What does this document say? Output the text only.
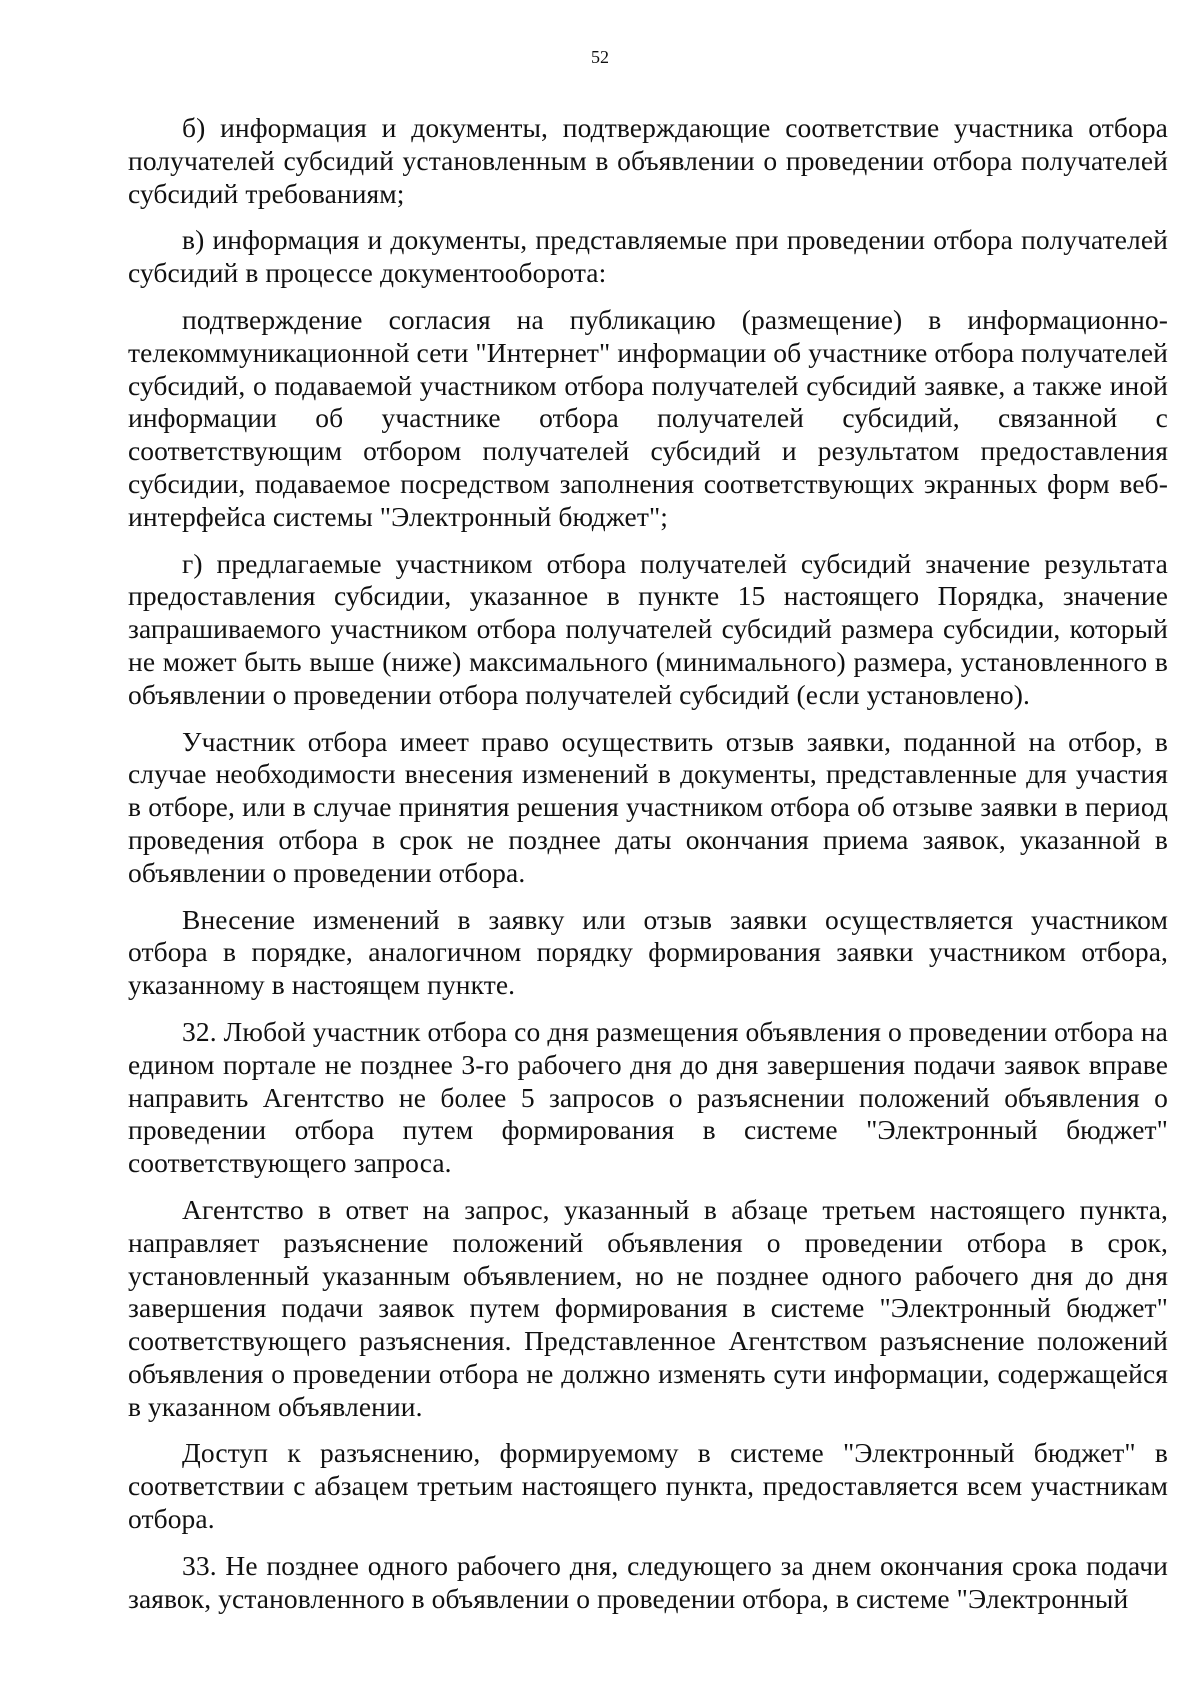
52

б) информация и документы, подтверждающие соответствие участника отбора получателей субсидий установленным в объявлении о проведении отбора получателей субсидий требованиям;

в) информация и документы, представляемые при проведении отбора получателей субсидий в процессе документооборота:

подтверждение согласия на публикацию (размещение) в информационно-телекоммуникационной сети "Интернет" информации об участнике отбора получателей субсидий, о подаваемой участником отбора получателей субсидий заявке, а также иной информации об участнике отбора получателей субсидий, связанной с соответствующим отбором получателей субсидий и результатом предоставления субсидии, подаваемое посредством заполнения соответствующих экранных форм веб-интерфейса системы "Электронный бюджет";

г) предлагаемые участником отбора получателей субсидий значение результата предоставления субсидии, указанное в пункте 15 настоящего Порядка, значение запрашиваемого участником отбора получателей субсидий размера субсидии, который не может быть выше (ниже) максимального (минимального) размера, установленного в объявлении о проведении отбора получателей субсидий (если установлено).

Участник отбора имеет право осуществить отзыв заявки, поданной на отбор, в случае необходимости внесения изменений в документы, представленные для участия в отборе, или в случае принятия решения участником отбора об отзыве заявки в период проведения отбора в срок не позднее даты окончания приема заявок, указанной в объявлении о проведении отбора.

Внесение изменений в заявку или отзыв заявки осуществляется участником отбора в порядке, аналогичном порядку формирования заявки участником отбора, указанному в настоящем пункте.

32. Любой участник отбора со дня размещения объявления о проведении отбора на едином портале не позднее 3-го рабочего дня до дня завершения подачи заявок вправе направить Агентство не более 5 запросов о разъяснении положений объявления о проведении отбора путем формирования в системе "Электронный бюджет" соответствующего запроса.

Агентство в ответ на запрос, указанный в абзаце третьем настоящего пункта, направляет разъяснение положений объявления о проведении отбора в срок, установленный указанным объявлением, но не позднее одного рабочего дня до дня завершения подачи заявок путем формирования в системе "Электронный бюджет" соответствующего разъяснения. Представленное Агентством разъяснение положений объявления о проведении отбора не должно изменять сути информации, содержащейся в указанном объявлении.

Доступ к разъяснению, формируемому в системе "Электронный бюджет" в соответствии с абзацем третьим настоящего пункта, предоставляется всем участникам отбора.

33. Не позднее одного рабочего дня, следующего за днем окончания срока подачи заявок, установленного в объявлении о проведении отбора, в системе "Электронный
